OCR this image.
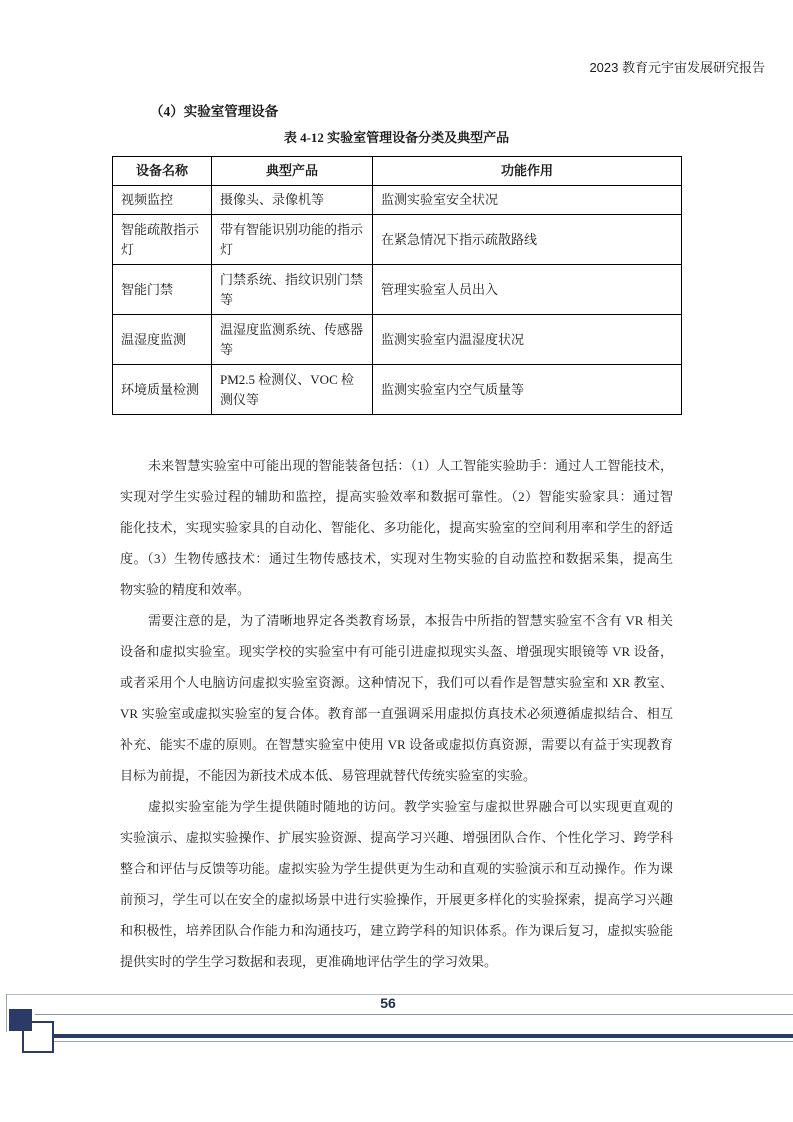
2023 教育元宇宙发展研究报告
（4）实验室管理设备
表 4-12 实验室管理设备分类及典型产品
设备名称	典型产品	功能作用
视频监控	摄像头、录像机等	监测实验室安全状况
智能疏散指示灯	带有智能识别功能的指示灯	在紧急情况下指示疏散路线
智能门禁	门禁系统、指纹识别门禁等	管理实验室人员出入
温湿度监测	温湿度监测系统、传感器等	监测实验室内温湿度状况
环境质量检测	PM2.5 检测仪、VOC 检测仪等	监测实验室内空气质量等
未来智慧实验室中可能出现的智能装备包括：（1）人工智能实验助手：通过人工智能技术，
实现对学生实验过程的辅助和监控，提高实验效率和数据可靠性。（2）智能实验家具：通过智
能化技术，实现实验家具的自动化、智能化、多功能化，提高实验室的空间利用率和学生的舒适
度。（3）生物传感技术：通过生物传感技术，实现对生物实验的自动监控和数据采集，提高生
物实验的精度和效率。
需要注意的是，为了清晰地界定各类教育场景，本报告中所指的智慧实验室不含有 VR 相关
设备和虚拟实验室。现实学校的实验室中有可能引进虚拟现实头盔、增强现实眼镜等 VR 设备，
或者采用个人电脑访问虚拟实验室资源。这种情况下，我们可以看作是智慧实验室和 XR 教室、
VR 实验室或虚拟实验室的复合体。教育部一直强调采用虚拟仿真技术必须遵循虚拟结合、相互
补充、能实不虚的原则。在智慧实验室中使用 VR 设备或虚拟仿真资源，需要以有益于实现教育
目标为前提，不能因为新技术成本低、易管理就替代传统实验室的实验。
虚拟实验室能为学生提供随时随地的访问。教学实验室与虚拟世界融合可以实现更直观的
实验演示、虚拟实验操作、扩展实验资源、提高学习兴趣、增强团队合作、个性化学习、跨学科
整合和评估与反馈等功能。虚拟实验为学生提供更为生动和直观的实验演示和互动操作。作为课
前预习，学生可以在安全的虚拟场景中进行实验操作，开展更多样化的实验探索，提高学习兴趣
和积极性，培养团队合作能力和沟通技巧，建立跨学科的知识体系。作为课后复习，虚拟实验能
提供实时的学生学习数据和表现，更准确地评估学生的学习效果。
56
